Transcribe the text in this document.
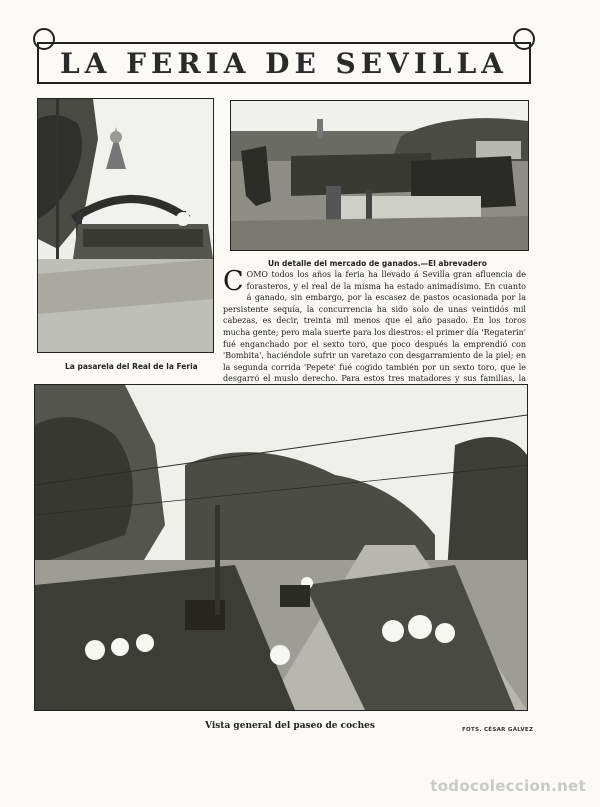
LA FERIA DE SEVILLA
La pasarela del Real de la Feria
Un detalle del mercado de ganados.—El abrevadero
COMO todos los años la feria ha llevado á Sevilla gran afluencia de forasteros, y el real de la misma ha estado animadísimo. En cuanto á ganado, sin embargo, por la escasez de pastos ocasionada por la persistente sequía, la concurrencia ha sido solo de unas veintidós mil cabezas, es decir, treinta mil menos que el año pasado. En los toros mucha gente; pero mala suerte para los diestros: el primer día 'Regaterin' fué enganchado por el sexto toro, que poco después la emprendió con 'Bombita', haciéndole sufrir un varetazo con desgarramiento de la piel; en la segunda corrida 'Pepete' fué cogido también por un sexto toro, que le desgarró el muslo derecho. Para estos tres matadores y sus familias, la
Vista general del paseo de coches	FOTS. CÉSAR GÁLVEZ
todocoleccion.net
